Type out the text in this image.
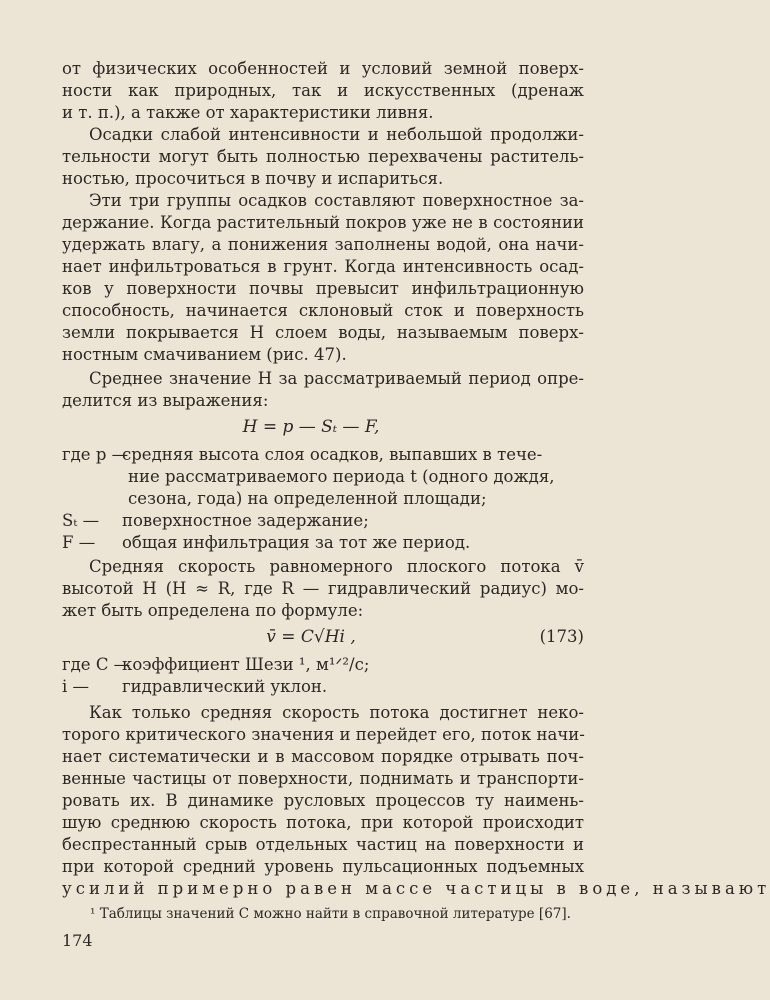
от физических особенностей и условий земной поверх-
ности как природных, так и искусственных (дренаж
и т. п.), а также от характеристики ливня.
Осадки слабой интенсивности и небольшой продолжи-
тельности могут быть полностью перехвачены раститель-
ностью, просочиться в почву и испариться.
Эти три группы осадков составляют поверхностное за-
держание. Когда растительный покров уже не в состоянии
удержать влагу, а понижения заполнены водой, она начи-
нает инфильтроваться в грунт. Когда интенсивность осад-
ков у поверхности почвы превысит инфильтрационную
способность, начинается склоновый сток и поверхность
земли покрывается H слоем воды, называемым поверх-
ностным смачиванием (рис. 47).
Среднее значение H за рассматриваемый период опре-
делится из выражения:
H = p — Sₜ — F,
где p —средняя высота слоя осадков, выпавших в тече-
ние рассматриваемого периода t (одного дождя,
сезона, года) на определенной площади;
Sₜ — поверхностное задержание;
F — общая инфильтрация за тот же период.
Средняя скорость равномерного плоского потока v̄
высотой H (H ≈ R, где R — гидравлический радиус) мо-
жет быть определена по формуле:
v̄ = C√Hi ,	(173)
где C —коэффициент Шези ¹, м¹ᐟ²/с;
i — гидравлический уклон.
Как только средняя скорость потока достигнет неко-
торого критического значения и перейдет его, поток начи-
нает систематически и в массовом порядке отрывать поч-
венные частицы от поверхности, поднимать и транспорти-
ровать их. В динамике русловых процессов ту наимень-
шую среднюю скорость потока, при которой происходит
беспрестанный срыв отдельных частиц на поверхности и
при которой средний уровень пульсационных подъемных
усилий примерно равен массе частицы в воде, называют
¹ Таблицы значений C можно найти в справочной литературе [67].
174
